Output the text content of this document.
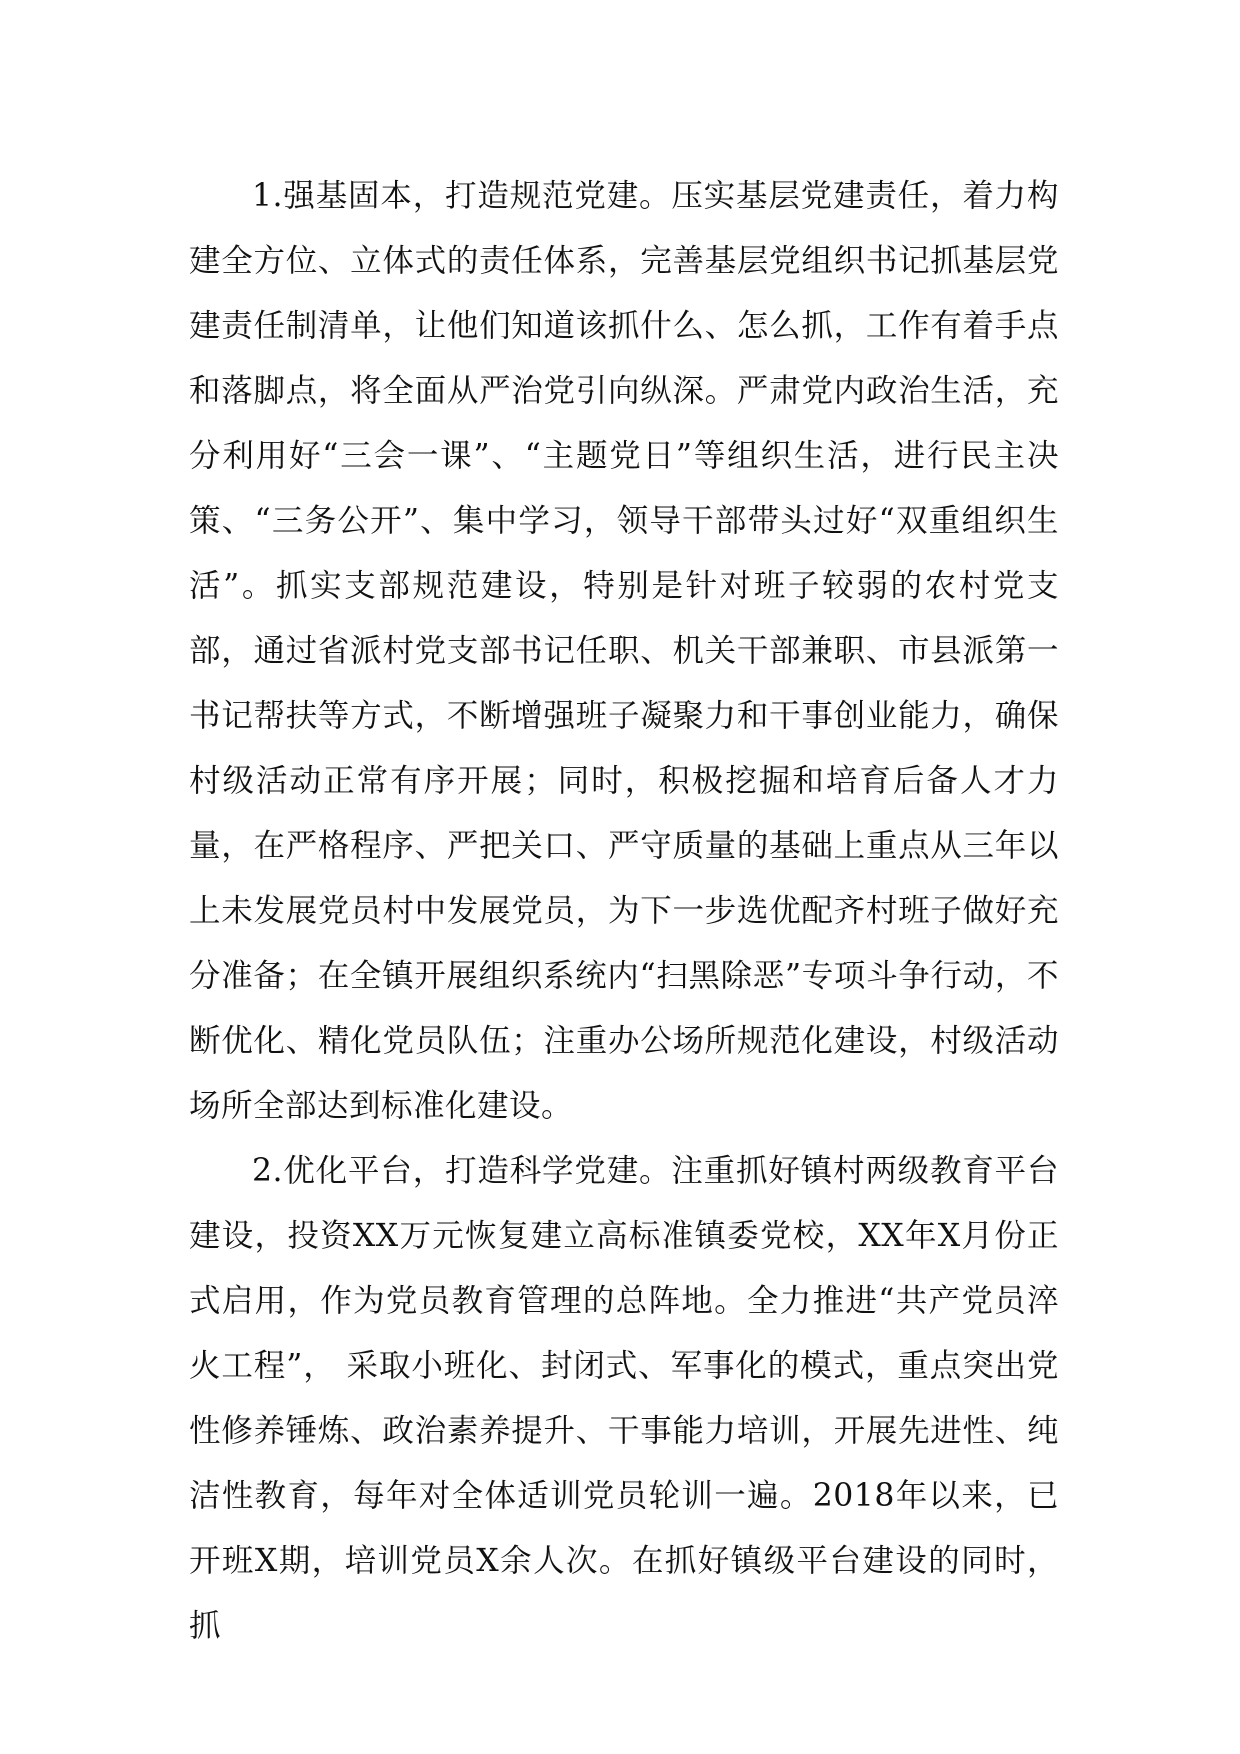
1.强基固本，打造规范党建。压实基层党建责任，着力构建全方位、立体式的责任体系，完善基层党组织书记抓基层党建责任制清单，让他们知道该抓什么、怎么抓，工作有着手点和落脚点，将全面从严治党引向纵深。严肃党内政治生活，充分利用好“三会一课”、“主题党日”等组织生活，进行民主决策、“三务公开”、集中学习，领导干部带头过好“双重组织生活”。抓实支部规范建设，特别是针对班子较弱的农村党支部，通过省派村党支部书记任职、机关干部兼职、市县派第一书记帮扶等方式，不断增强班子凝聚力和干事创业能力，确保村级活动正常有序开展；同时，积极挖掘和培育后备人才力量，在严格程序、严把关口、严守质量的基础上重点从三年以上未发展党员村中发展党员，为下一步选优配齐村班子做好充分准备；在全镇开展组织系统内“扫黑除恶”专项斗争行动，不断优化、精化党员队伍；注重办公场所规范化建设，村级活动场所全部达到标准化建设。

2.优化平台，打造科学党建。注重抓好镇村两级教育平台建设，投资XX万元恢复建立高标准镇委党校，XX年X月份正式启用，作为党员教育管理的总阵地。全力推进“共产党员淬火工程”， 采取小班化、封闭式、军事化的模式，重点突出党性修养锤炼、政治素养提升、干事能力培训，开展先进性、纯洁性教育，每年对全体适训党员轮训一遍。2018年以来，已开班X期，培训党员X余人次。在抓好镇级平台建设的同时，抓
